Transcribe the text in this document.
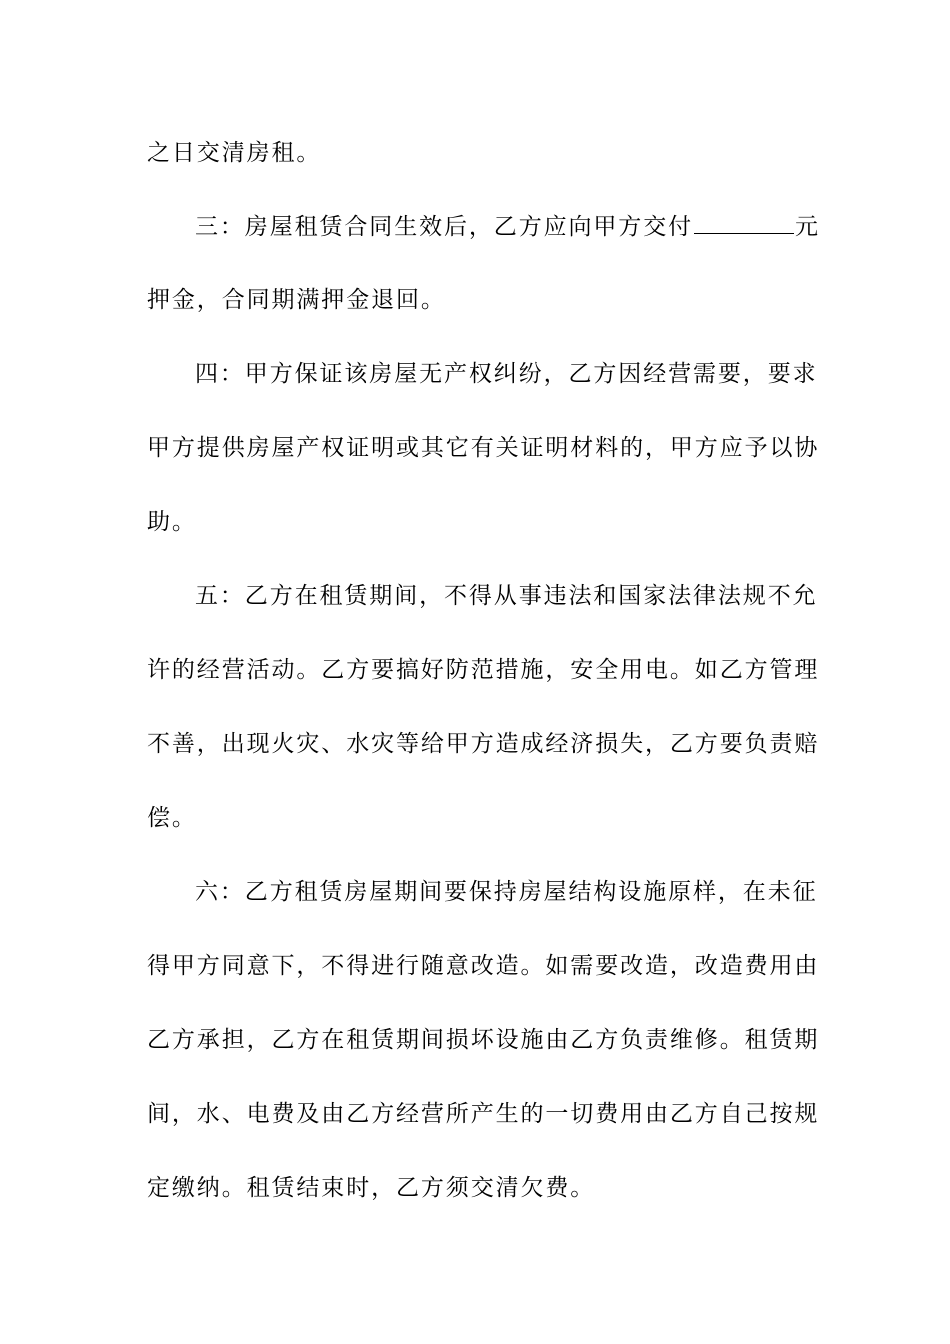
之日交清房租。
三：房屋租赁合同生效后，乙方应向甲方交付	元
押金，合同期满押金退回。
四：甲方保证该房屋无产权纠纷，乙方因经营需要，要求
甲方提供房屋产权证明或其它有关证明材料的，甲方应予以协
助。
五：乙方在租赁期间，不得从事违法和国家法律法规不允
许的经营活动。乙方要搞好防范措施，安全用电。如乙方管理
不善，出现火灾、水灾等给甲方造成经济损失，乙方要负责赔
偿。
六：乙方租赁房屋期间要保持房屋结构设施原样，在未征
得甲方同意下，不得进行随意改造。如需要改造，改造费用由
乙方承担，乙方在租赁期间损坏设施由乙方负责维修。租赁期
间，水、电费及由乙方经营所产生的一切费用由乙方自己按规
定缴纳。租赁结束时，乙方须交清欠费。
